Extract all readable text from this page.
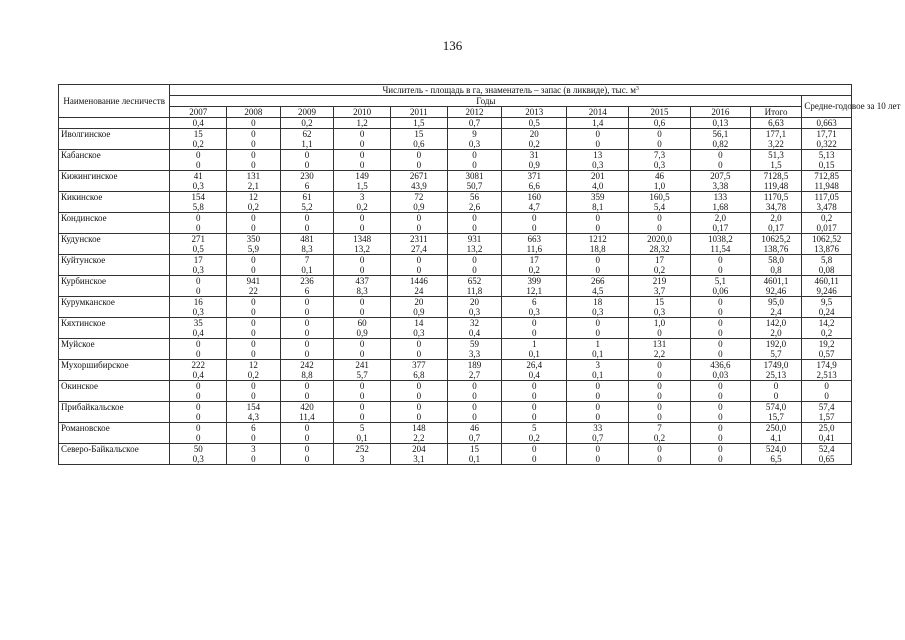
136
Наименование лесничеств	Числитель - площадь в га, знаменатель – запас (в ликвиде), тыс. $м^3$
	Годы											Средне-годовое за 10 лет
	2007	2008	2009	2010	2011	2012	2013	2014	2015	2016	Итого	
	0,4	0	0,2	1,2	1,5	0,7	0,5	1,4	0,6	0,13	6,63	0,663
Иволгинское	15	0	62	0	15	9	20	0	0	56,1	177,1	17,71
	0,2	0	1,1	0	0,6	0,3	0,2	0	0	0,82	3,22	0,322
Кабанское	0	0	0	0	0	0	31	13	7,3	0	51,3	5,13
	0	0	0	0	0	0	0,9	0,3	0,3	0	1,5	0,15
Кижингинское	41	131	230	149	2671	3081	371	201	46	207,5	7128,5	712,85
	0,3	2,1	6	1,5	43,9	50,7	6,6	4,0	1,0	3,38	119,48	11,948
Кикинское	154	12	61	3	72	56	160	359	160,5	133	1170,5	117,05
	5,8	0,2	5,2	0,2	0,9	2,6	4,7	8,1	5,4	1,68	34,78	3,478
Кондинское	0	0	0	0	0	0	0	0	0	2,0	2,0	0,2
	0	0	0	0	0	0	0	0	0	0,17	0,17	0,017
Кудунское	271	350	481	1348	2311	931	663	1212	2020,0	1038,2	10625,2	1062,52
	0,5	5,9	8,3	13,2	27,4	13,2	11,6	18,8	28,32	11,54	138,76	13,876
Куйтунское	17	0	7	0	0	0	17	0	17	0	58,0	5,8
	0,3	0	0,1	0	0	0	0,2	0	0,2	0	0,8	0,08
Курбинское	0	941	236	437	1446	652	399	266	219	5,1	4601,1	460,11
	0	22	6	8,3	24	11,8	12,1	4,5	3,7	0,06	92,46	9,246
Курумканское	16	0	0	0	20	20	6	18	15	0	95,0	9,5
	0,3	0	0	0	0,9	0,3	0,3	0,3	0,3	0	2,4	0,24
Кяхтинское	35	0	0	60	14	32	0	0	1,0	0	142,0	14,2
	0,4	0	0	0,9	0,3	0,4	0	0	0	0	2,0	0,2
Муйское	0	0	0	0	0	59	1	1	131	0	192,0	19,2
	0	0	0	0	0	3,3	0,1	0,1	2,2	0	5,7	0,57
Мухоршибирское	222	12	242	241	377	189	26,4	3	0	436,6	1749,0	174,9
	0,4	0,2	8,8	5,7	6,8	2,7	0,4	0,1	0	0,03	25,13	2,513
Окинское	0	0	0	0	0	0	0	0	0	0	0	0
	0	0	0	0	0	0	0	0	0	0	0	0
Прибайкальское	0	154	420	0	0	0	0	0	0	0	574,0	57,4
	0	4,3	11,4	0	0	0	0	0	0	0	15,7	1,57
Романовское	0	6	0	5	148	46	5	33	7	0	250,0	25,0
	0	0	0	0,1	2,2	0,7	0,2	0,7	0,2	0	4,1	0,41
Северо-Байкальское	50	3	0	252	204	15	0	0	0	0	524,0	52,4
	0,3	0	0	3	3,1	0,1	0	0	0	0	6,5	0,65
